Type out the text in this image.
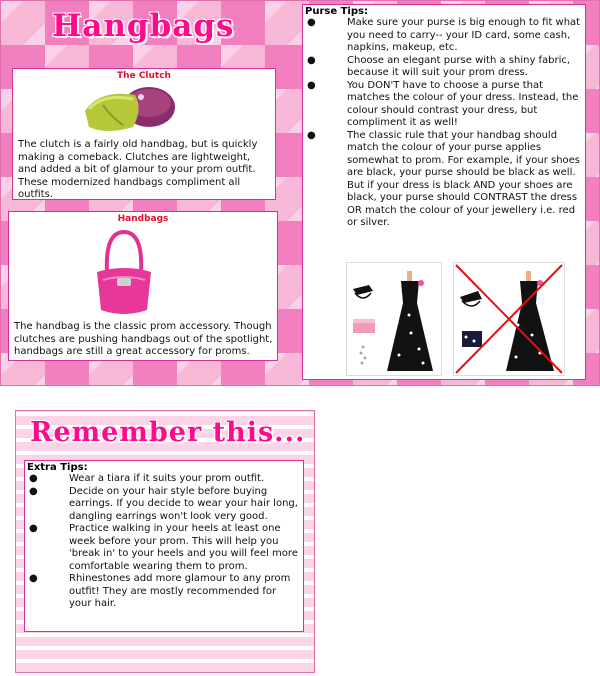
Hangbags
The Clutch
The clutch is a fairly old handbag, but is quickly making a comeback. Clutches are lightweight, and added a bit of glamour to your prom outfit. These modernized handbags compliment all outfits.
Handbags
The handbag is the classic prom accessory. Though clutches are pushing handbags out of the spotlight, handbags are still a great accessory for proms.
Purse Tips:
●	Make sure your purse is big enough to fit what you need to carry-- your ID card, some cash, napkins, makeup, etc.
●	Choose an elegant purse with a shiny fabric, because it will suit your prom dress.
●	You DON'T have to choose a purse that matches the colour of your dress. Instead, the colour should contrast your dress, but compliment it as well!
●	The classic rule that your handbag should match the colour of your purse applies somewhat to prom. For example, if your shoes are black, your purse should be black as well. But if your dress is black AND your shoes are black, your purse should CONTRAST the dress OR match the colour of your jewellery i.e. red or silver.
Remember this...
Extra Tips:
●	Wear a tiara if it suits your prom outfit.
●	Decide on your hair style before buying earrings. If you decide to wear your hair long, dangling earrings won't look very good.
●	Practice walking in your heels at least one week before your prom. This will help you 'break in' to your heels and you will feel more comfortable wearing them to prom.
●	Rhinestones add more glamour to any prom outfit! They are mostly recommended for your hair.
